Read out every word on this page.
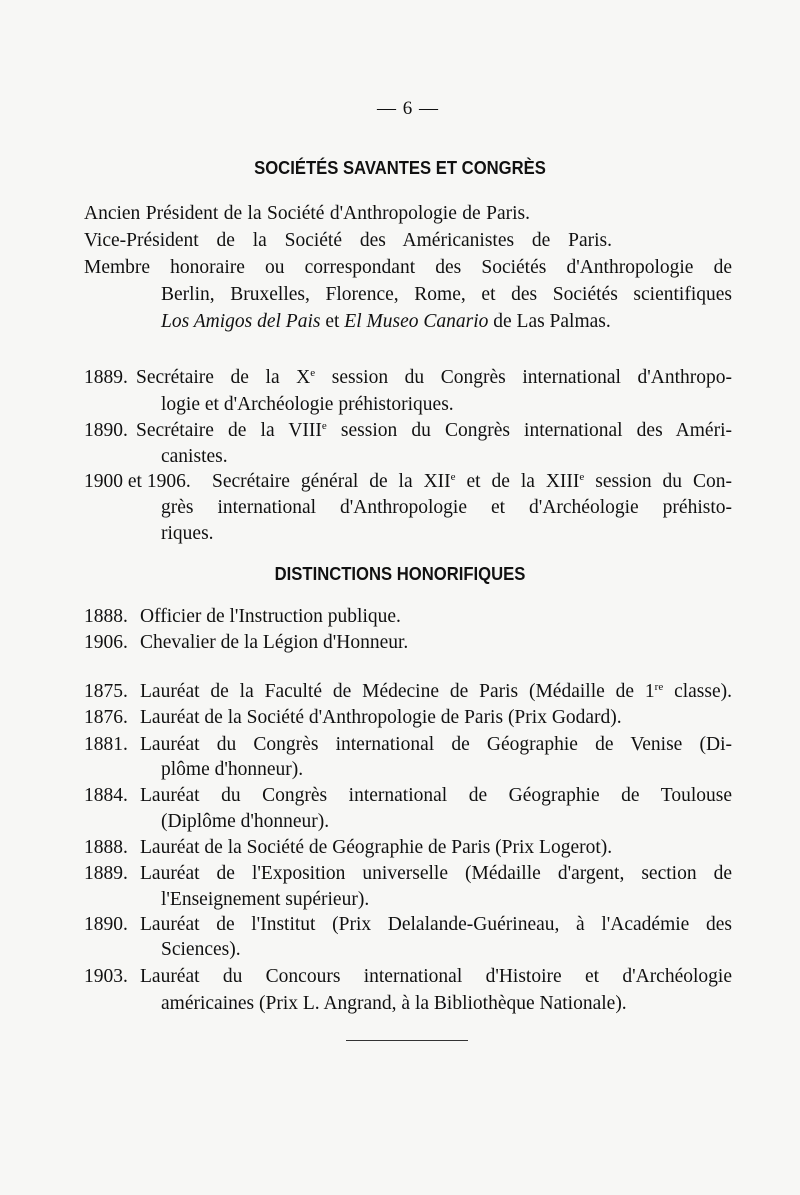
— 6 —
SOCIÉTÉS SAVANTES ET CONGRÈS
Ancien Président de la Société d'Anthropologie de Paris.
Vice-Président de la Société des Américanistes de Paris.
Membre honoraire ou correspondant des Sociétés d'Anthropologie de
Berlin, Bruxelles, Florence, Rome, et des Sociétés scientifiques
Los Amigos del Pais et El Museo Canario de Las Palmas.
1889. Secrétaire de la Xe session du Congrès international d'Anthropo-
logie et d'Archéologie préhistoriques.
1890. Secrétaire de la VIIIe session du Congrès international des Améri-
canistes.
1900 et 1906. Secrétaire général de la XIIe et de la XIIIe session du Con-
grès international d'Anthropologie et d'Archéologie préhisto-
riques.
DISTINCTIONS HONORIFIQUES
1888. Officier de l'Instruction publique.
1906. Chevalier de la Légion d'Honneur.
1875. Lauréat de la Faculté de Médecine de Paris (Médaille de 1re classe).
1876. Lauréat de la Société d'Anthropologie de Paris (Prix Godard).
1881. Lauréat du Congrès international de Géographie de Venise (Di-
plôme d'honneur).
1884. Lauréat du Congrès international de Géographie de Toulouse
(Diplôme d'honneur).
1888. Lauréat de la Société de Géographie de Paris (Prix Logerot).
1889. Lauréat de l'Exposition universelle (Médaille d'argent, section de
l'Enseignement supérieur).
1890. Lauréat de l'Institut (Prix Delalande-Guérineau, à l'Académie des
Sciences).
1903. Lauréat du Concours international d'Histoire et d'Archéologie
américaines (Prix L. Angrand, à la Bibliothèque Nationale).
